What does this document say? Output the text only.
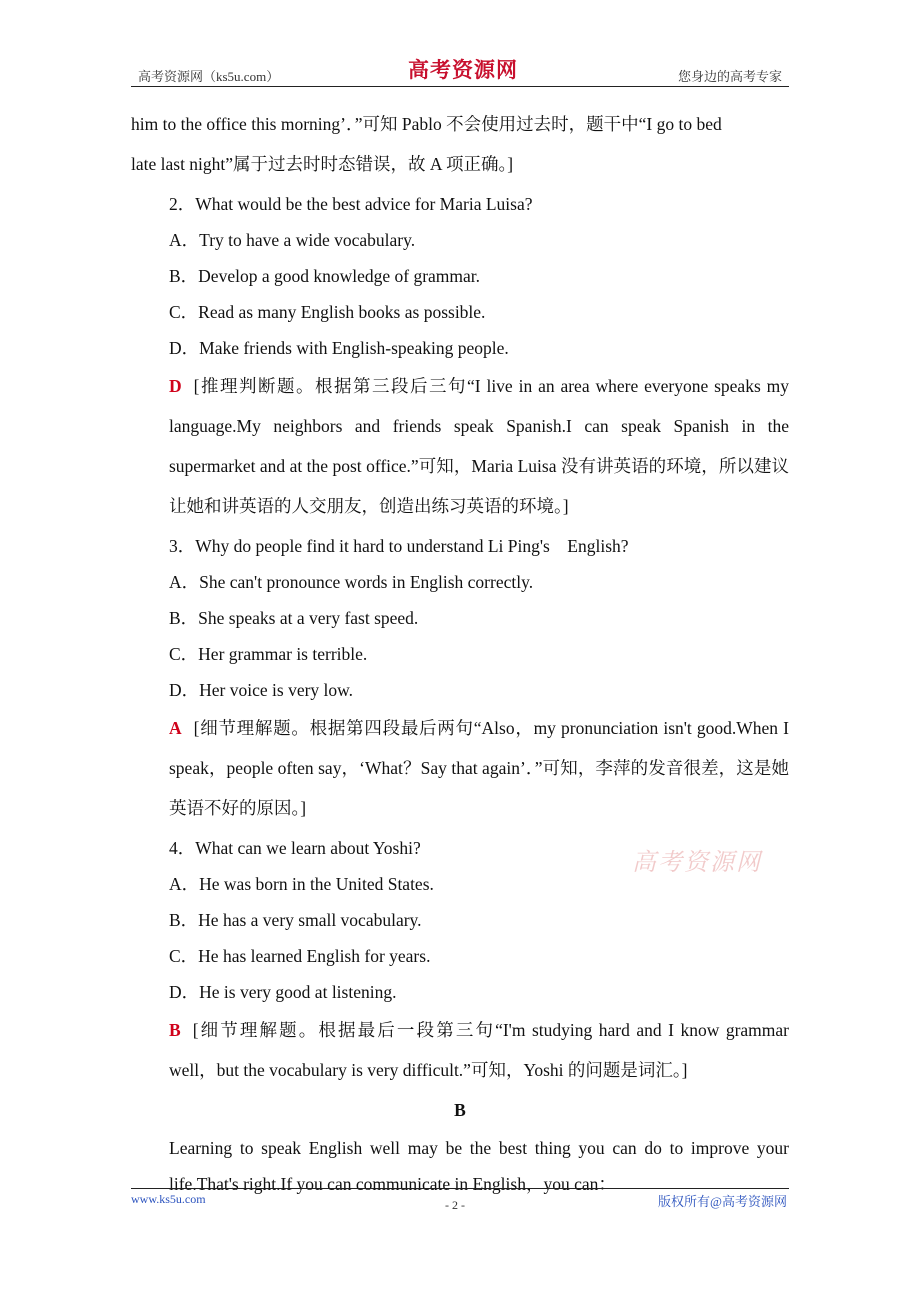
高考资源网（ks5u.com）	高考资源网	您身边的高考专家

him to the office this morning’．”可知 Pablo 不会使用过去时，题干中“I go to bed

late last night”属于过去时时态错误，故 A 项正确。]

2．What would be the best advice for Maria Luisa?

A．Try to have a wide vocabulary.

B．Develop a good knowledge of grammar.

C．Read as many English books as possible.

D．Make friends with English-speaking people.

D [推理判断题。根据第三段后三句“I live in an area where everyone speaks my language.My neighbors and friends speak Spanish.I can speak Spanish in the supermarket and at the post office.”可知，Maria Luisa 没有讲英语的环境，所以建议让她和讲英语的人交朋友，创造出练习英语的环境。]

3．Why do people find it hard to understand Li Ping's　English?

A．She can't pronounce words in English correctly.

B．She speaks at a very fast speed.

C．Her grammar is terrible.

D．Her voice is very low.

A [细节理解题。根据第四段最后两句“Also，my pronunciation isn't good.When I speak，people often say，‘What？Say that again’．”可知，李萍的发音很差，这是她英语不好的原因。]

4．What can we learn about Yoshi?

A．He was born in the United States.

B．He has a very small vocabulary.

C．He has learned English for years.

D．He is very good at listening.

B [细节理解题。根据最后一段第三句“I'm studying hard and I know grammar well，but the vocabulary is very difficult.”可知，Yoshi 的问题是词汇。]

B

Learning to speak English well may be the best thing you can do to improve your life.That's right.If you can communicate in English，you can：

高考资源网
www.ks5u.com	- 2 -	版权所有@高考资源网
